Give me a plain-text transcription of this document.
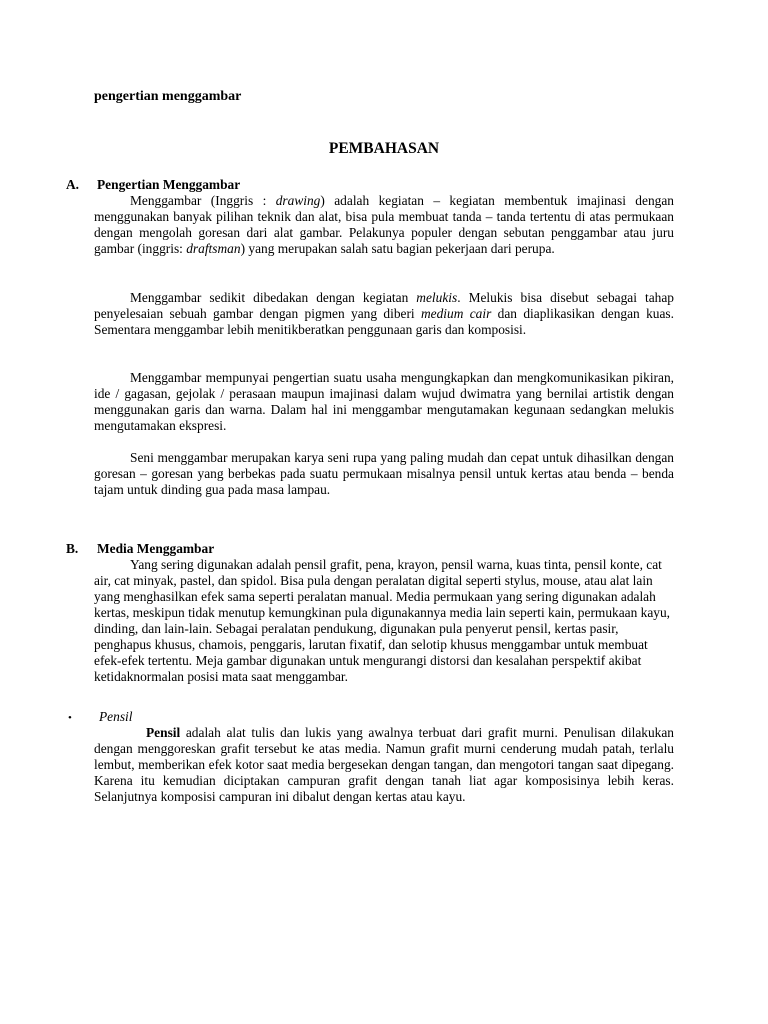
pengertian menggambar
PEMBAHASAN
A. Pengertian Menggambar

Menggambar (Inggris : drawing) adalah kegiatan – kegiatan membentuk imajinasi dengan menggunakan banyak pilihan teknik dan alat, bisa pula membuat tanda – tanda tertentu di atas permukaan dengan mengolah goresan dari alat gambar. Pelakunya populer dengan sebutan penggambar atau juru gambar (inggris: draftsman) yang merupakan salah satu bagian pekerjaan dari perupa.

Menggambar sedikit dibedakan dengan kegiatan melukis. Melukis bisa disebut sebagai tahap penyelesaian sebuah gambar dengan pigmen yang diberi medium cair dan diaplikasikan dengan kuas. Sementara menggambar lebih menitikberatkan penggunaan garis dan komposisi.

Menggambar mempunyai pengertian suatu usaha mengungkapkan dan mengkomunikasikan pikiran, ide / gagasan, gejolak / perasaan maupun imajinasi dalam wujud dwimatra yang bernilai artistik dengan menggunakan garis dan warna. Dalam hal ini menggambar mengutamakan kegunaan sedangkan melukis mengutamakan ekspresi.

Seni menggambar merupakan karya seni rupa yang paling mudah dan cepat untuk dihasilkan dengan goresan – goresan yang berbekas pada suatu permukaan misalnya pensil untuk kertas atau benda – benda tajam untuk dinding gua pada masa lampau.

B. Media Menggambar

Yang sering digunakan adalah pensil grafit, pena, krayon, pensil warna, kuas tinta, pensil konte, cat air, cat minyak, pastel, dan spidol. Bisa pula dengan peralatan digital seperti stylus, mouse, atau alat lain yang menghasilkan efek sama seperti peralatan manual. Media permukaan yang sering digunakan adalah kertas, meskipun tidak menutup kemungkinan pula digunakannya media lain seperti kain, permukaan kayu, dinding, dan lain-lain. Sebagai peralatan pendukung, digunakan pula penyerut pensil, kertas pasir, penghapus khusus, chamois, penggaris, larutan fixatif, dan selotip khusus menggambar untuk membuat efek-efek tertentu. Meja gambar digunakan untuk mengurangi distorsi dan kesalahan perspektif akibat ketidaknormalan posisi mata saat menggambar.

• Pensil

Pensil adalah alat tulis dan lukis yang awalnya terbuat dari grafit murni. Penulisan dilakukan dengan menggoreskan grafit tersebut ke atas media. Namun grafit murni cenderung mudah patah, terlalu lembut, memberikan efek kotor saat media bergesekan dengan tangan, dan mengotori tangan saat dipegang. Karena itu kemudian diciptakan campuran grafit dengan tanah liat agar komposisinya lebih keras. Selanjutnya komposisi campuran ini dibalut dengan kertas atau kayu.
